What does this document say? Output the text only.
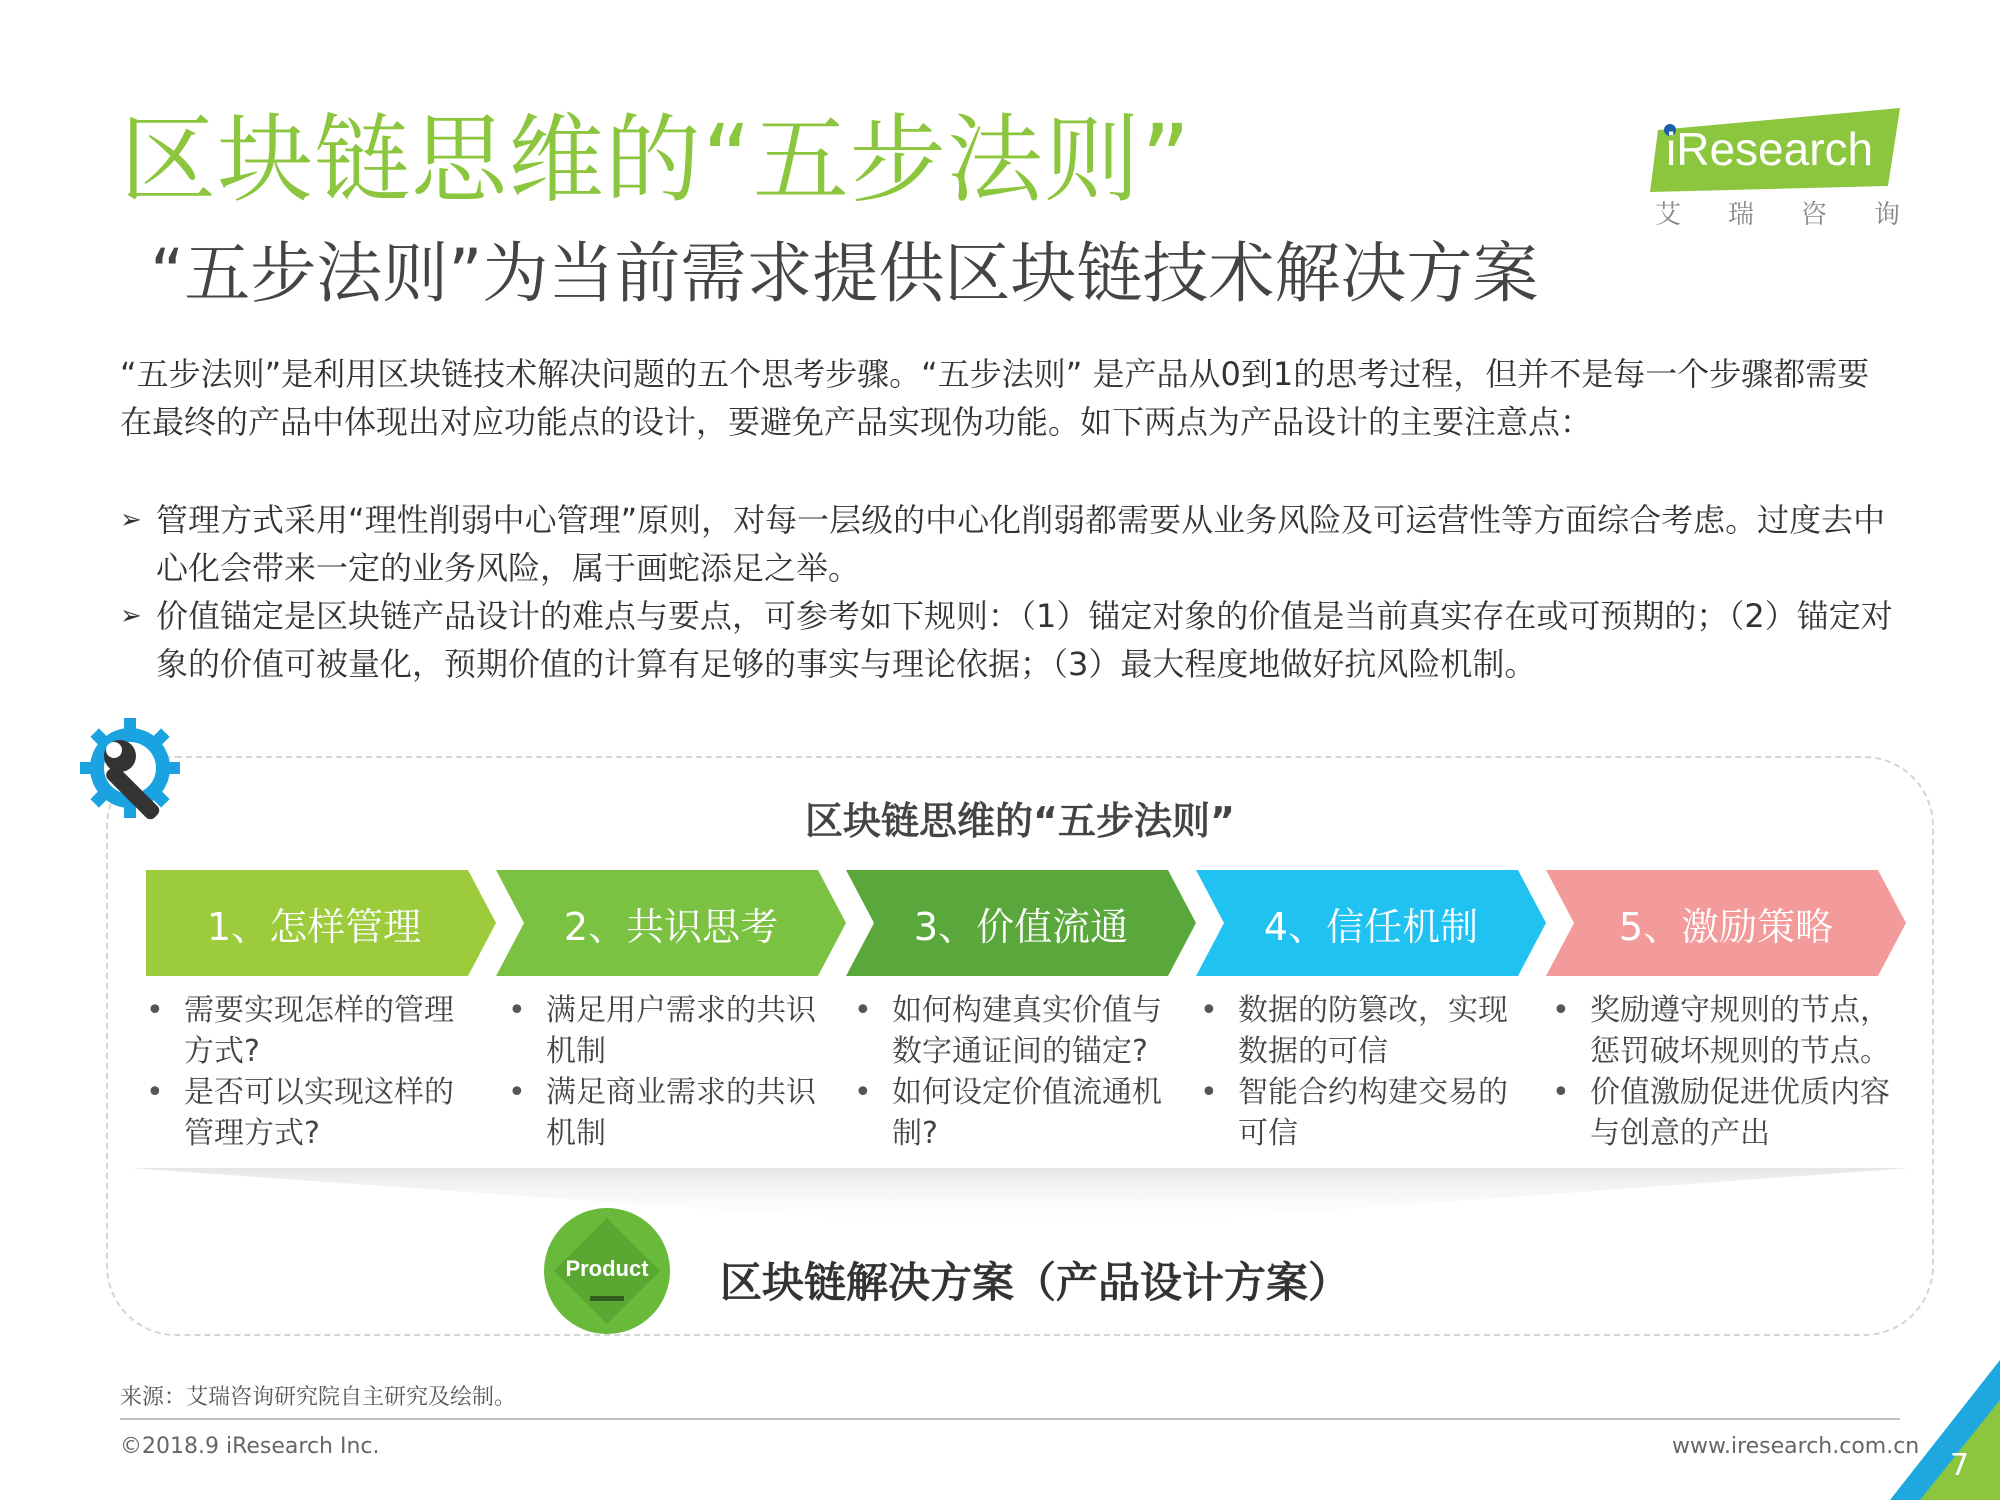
区块链思维的“五步法则”
“五步法则”为当前需求提供区块链技术解决方案
iResearch
艾 瑞 咨 询
“五步法则”是利用区块链技术解决问题的五个思考步骤。“五步法则” 是产品从0到1的思考过程，但并不是每一个步骤都需要在最终的产品中体现出对应功能点的设计，要避免产品实现伪功能。如下两点为产品设计的主要注意点：

➢ 管理方式采用“理性削弱中心管理”原则，对每一层级的中心化削弱都需要从业务风险及可运营性等方面综合考虑。过度去中心化会带来一定的业务风险，属于画蛇添足之举。

➢ 价值锚定是区块链产品设计的难点与要点，可参考如下规则：（1）锚定对象的价值是当前真实存在或可预期的；（2）锚定对象的价值可被量化，预期价值的计算有足够的事实与理论依据；（3）最大程度地做好抗风险机制。

区块链思维的“五步法则”
1、怎样管理	2、共识思考	3、价值流通	4、信任机制	5、激励策略
• 需要实现怎样的管理方式?
• 是否可以实现这样的管理方式?
• 满足用户需求的共识机制
• 满足商业需求的共识机制
• 如何构建真实价值与数字通证间的锚定?
• 如何设定价值流通机制?
• 数据的防篡改，实现数据的可信
• 智能合约构建交易的可信
• 奖励遵守规则的节点，惩罚破坏规则的节点。
• 价值激励促进优质内容与创意的产出
Product	区块链解决方案（产品设计方案）
来源：艾瑞咨询研究院自主研究及绘制。
©2018.9 iResearch Inc.	www.iresearch.com.cn
7
